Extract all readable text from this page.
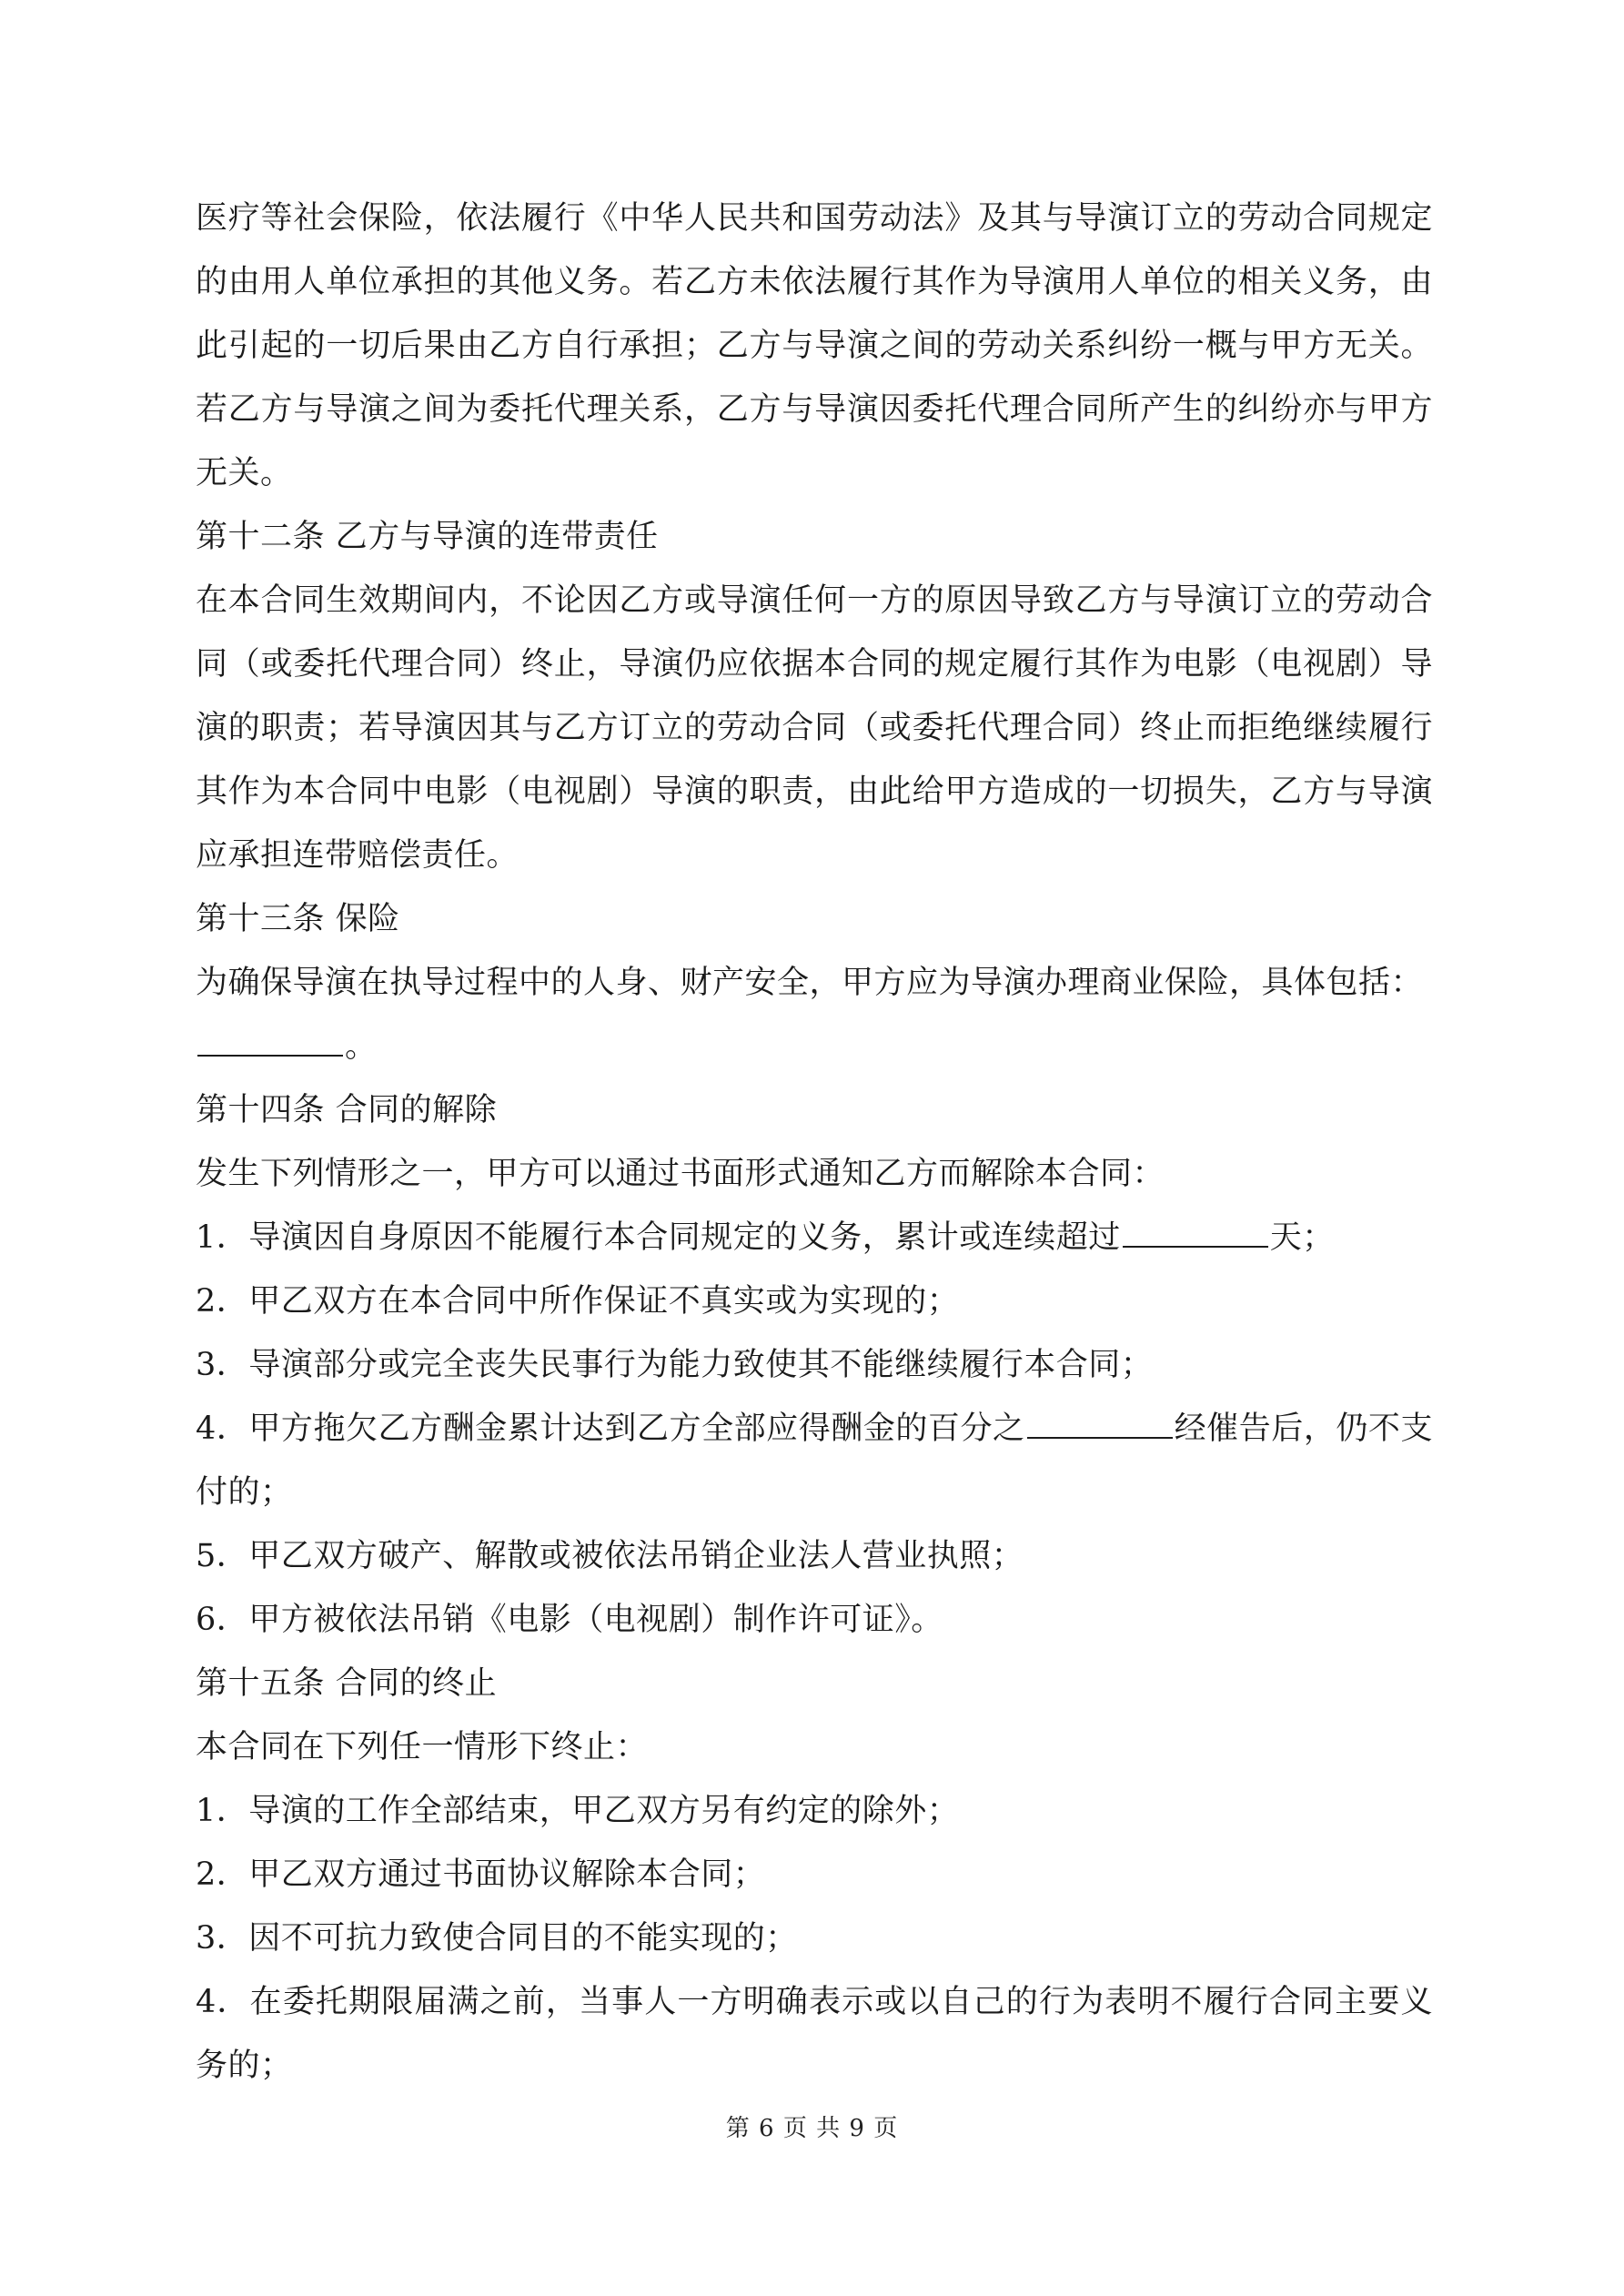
医疗等社会保险，依法履行《中华人民共和国劳动法》及其与导演订立的劳动合同规定
的由用人单位承担的其他义务。若乙方未依法履行其作为导演用人单位的相关义务，由
此引起的一切后果由乙方自行承担；乙方与导演之间的劳动关系纠纷一概与甲方无关。
若乙方与导演之间为委托代理关系，乙方与导演因委托代理合同所产生的纠纷亦与甲方
无关。
第十二条 乙方与导演的连带责任
在本合同生效期间内，不论因乙方或导演任何一方的原因导致乙方与导演订立的劳动合
同（或委托代理合同）终止，导演仍应依据本合同的规定履行其作为电影（电视剧）导
演的职责；若导演因其与乙方订立的劳动合同（或委托代理合同）终止而拒绝继续履行
其作为本合同中电影（电视剧）导演的职责，由此给甲方造成的一切损失，乙方与导演
应承担连带赔偿责任。
第十三条 保险
为确保导演在执导过程中的人身、财产安全，甲方应为导演办理商业保险，具体包括：
。
第十四条 合同的解除
发生下列情形之一，甲方可以通过书面形式通知乙方而解除本合同：
1．导演因自身原因不能履行本合同规定的义务，累计或连续超过	天；
2．甲乙双方在本合同中所作保证不真实或为实现的；
3．导演部分或完全丧失民事行为能力致使其不能继续履行本合同；
4．甲方拖欠乙方酬金累计达到乙方全部应得酬金的百分之	经催告后，仍不支
付的；
5．甲乙双方破产、解散或被依法吊销企业法人营业执照；
6．甲方被依法吊销《电影（电视剧）制作许可证》。
第十五条 合同的终止
本合同在下列任一情形下终止：
1．导演的工作全部结束，甲乙双方另有约定的除外；
2．甲乙双方通过书面协议解除本合同；
3．因不可抗力致使合同目的不能实现的；
4．在委托期限届满之前，当事人一方明确表示或以自己的行为表明不履行合同主要义
务的；
第 6 页 共 9 页
